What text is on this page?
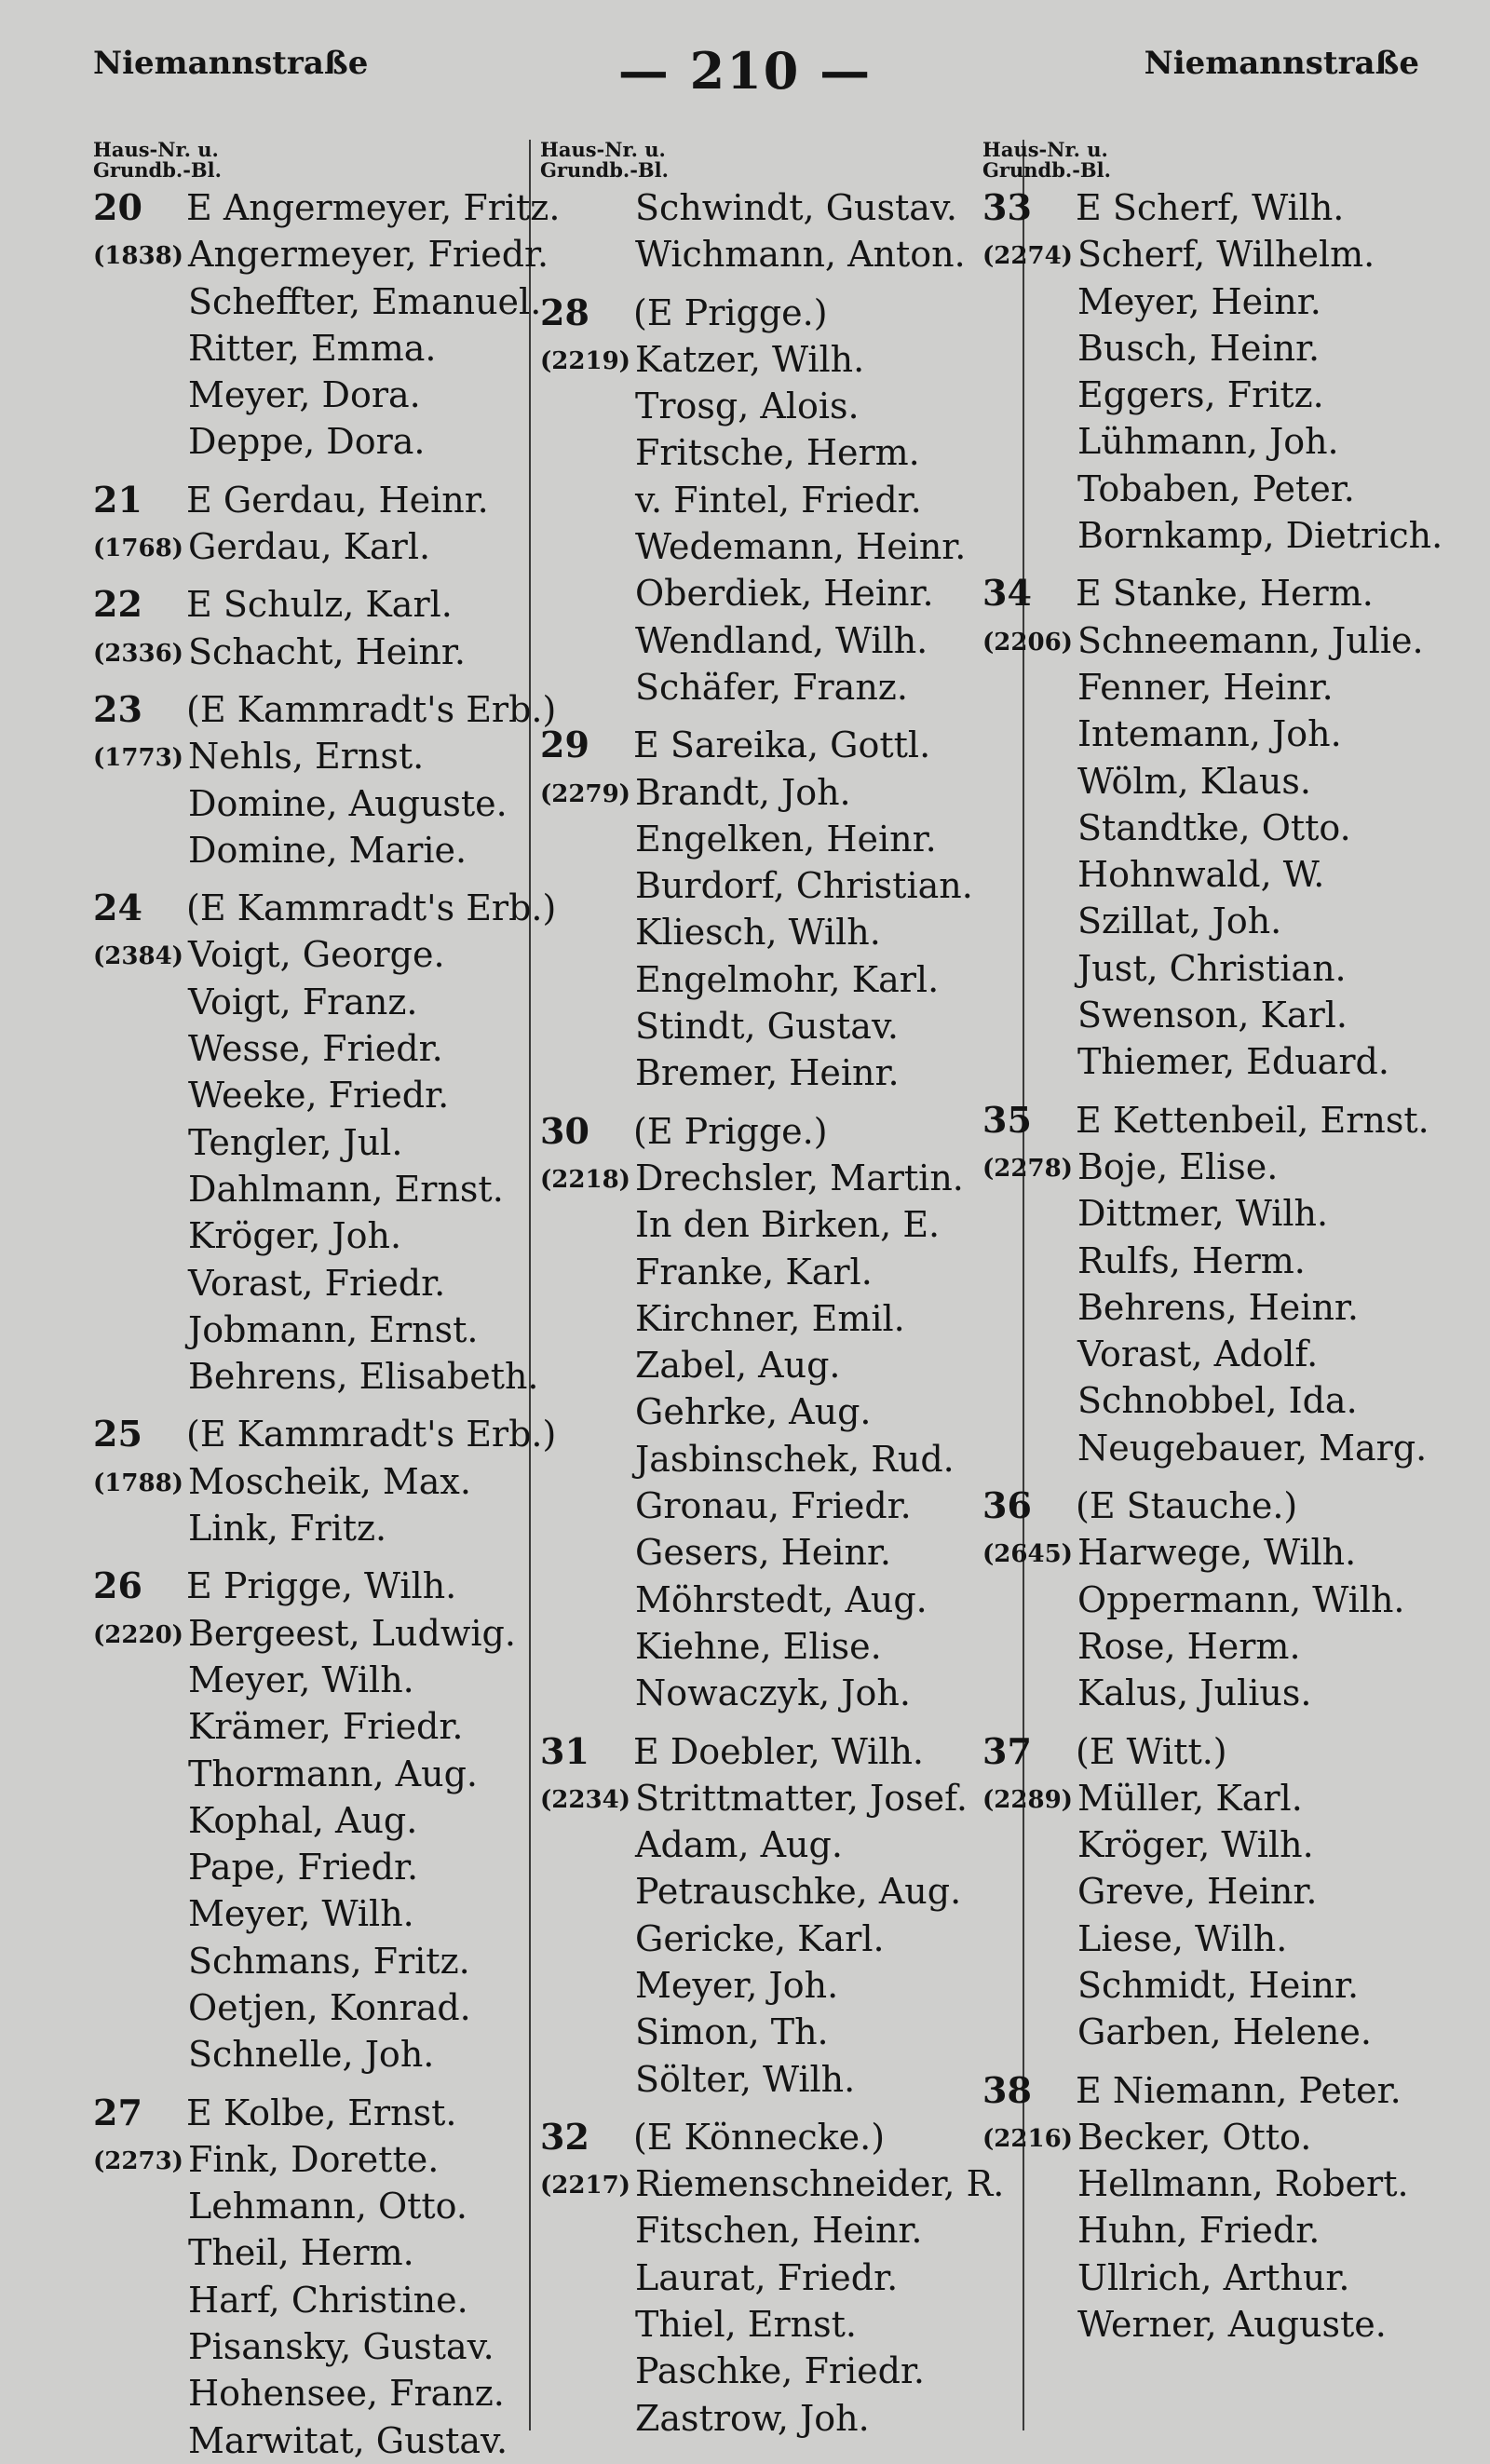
Niemannstraße	— 210 —	Niemannstraße
Haus-Nr. u.
Grundb.-Bl.
20 E Angermeyer, Fritz.
(1838) Angermeyer, Friedr.
Scheffter, Emanuel.
Ritter, Emma.
Meyer, Dora.
Deppe, Dora.
21 E Gerdau, Heinr.
(1768) Gerdau, Karl.
22 E Schulz, Karl.
(2336) Schacht, Heinr.
23 (E Kammradt's Erb.)
(1773) Nehls, Ernst.
Domine, Auguste.
Domine, Marie.
24 (E Kammradt's Erb.)
(2384) Voigt, George.
Voigt, Franz.
Wesse, Friedr.
Weeke, Friedr.
Tengler, Jul.
Dahlmann, Ernst.
Kröger, Joh.
Vorast, Friedr.
Jobmann, Ernst.
Behrens, Elisabeth.
25 (E Kammradt's Erb.)
(1788) Moscheik, Max.
Link, Fritz.
26 E Prigge, Wilh.
(2220) Bergeest, Ludwig.
Meyer, Wilh.
Krämer, Friedr.
Thormann, Aug.
Kophal, Aug.
Pape, Friedr.
Meyer, Wilh.
Schmans, Fritz.
Oetjen, Konrad.
Schnelle, Joh.
27 E Kolbe, Ernst.
(2273) Fink, Dorette.
Lehmann, Otto.
Theil, Herm.
Harf, Christine.
Pisansky, Gustav.
Hohensee, Franz.
Marwitat, Gustav.
Haus-Nr. u.
Grundb.-Bl.
Schwindt, Gustav.
Wichmann, Anton.
28 (E Prigge.)
(2219) Katzer, Wilh.
Trosg, Alois.
Fritsche, Herm.
v. Fintel, Friedr.
Wedemann, Heinr.
Oberdiek, Heinr.
Wendland, Wilh.
Schäfer, Franz.
29 E Sareika, Gottl.
(2279) Brandt, Joh.
Engelken, Heinr.
Burdorf, Christian.
Kliesch, Wilh.
Engelmohr, Karl.
Stindt, Gustav.
Bremer, Heinr.
30 (E Prigge.)
(2218) Drechsler, Martin.
In den Birken, E.
Franke, Karl.
Kirchner, Emil.
Zabel, Aug.
Gehrke, Aug.
Jasbinschek, Rud.
Gronau, Friedr.
Gesers, Heinr.
Möhrstedt, Aug.
Kiehne, Elise.
Nowaczyk, Joh.
31 E Doebler, Wilh.
(2234) Strittmatter, Josef.
Adam, Aug.
Petrauschke, Aug.
Gericke, Karl.
Meyer, Joh.
Simon, Th.
Sölter, Wilh.
32 (E Könnecke.)
(2217) Riemenschneider, R.
Fitschen, Heinr.
Laurat, Friedr.
Thiel, Ernst.
Paschke, Friedr.
Zastrow, Joh.
Haus-Nr. u.
Grundb.-Bl.
33 E Scherf, Wilh.
(2274) Scherf, Wilhelm.
Meyer, Heinr.
Busch, Heinr.
Eggers, Fritz.
Lühmann, Joh.
Tobaben, Peter.
Bornkamp, Dietrich.
34 E Stanke, Herm.
(2206) Schneemann, Julie.
Fenner, Heinr.
Intemann, Joh.
Wölm, Klaus.
Standtke, Otto.
Hohnwald, W.
Szillat, Joh.
Just, Christian.
Swenson, Karl.
Thiemer, Eduard.
35 E Kettenbeil, Ernst.
(2278) Boje, Elise.
Dittmer, Wilh.
Rulfs, Herm.
Behrens, Heinr.
Vorast, Adolf.
Schnobbel, Ida.
Neugebauer, Marg.
36 (E Stauche.)
(2645) Harwege, Wilh.
Oppermann, Wilh.
Rose, Herm.
Kalus, Julius.
37 (E Witt.)
(2289) Müller, Karl.
Kröger, Wilh.
Greve, Heinr.
Liese, Wilh.
Schmidt, Heinr.
Garben, Helene.
38 E Niemann, Peter.
(2216) Becker, Otto.
Hellmann, Robert.
Huhn, Friedr.
Ullrich, Arthur.
Werner, Auguste.
